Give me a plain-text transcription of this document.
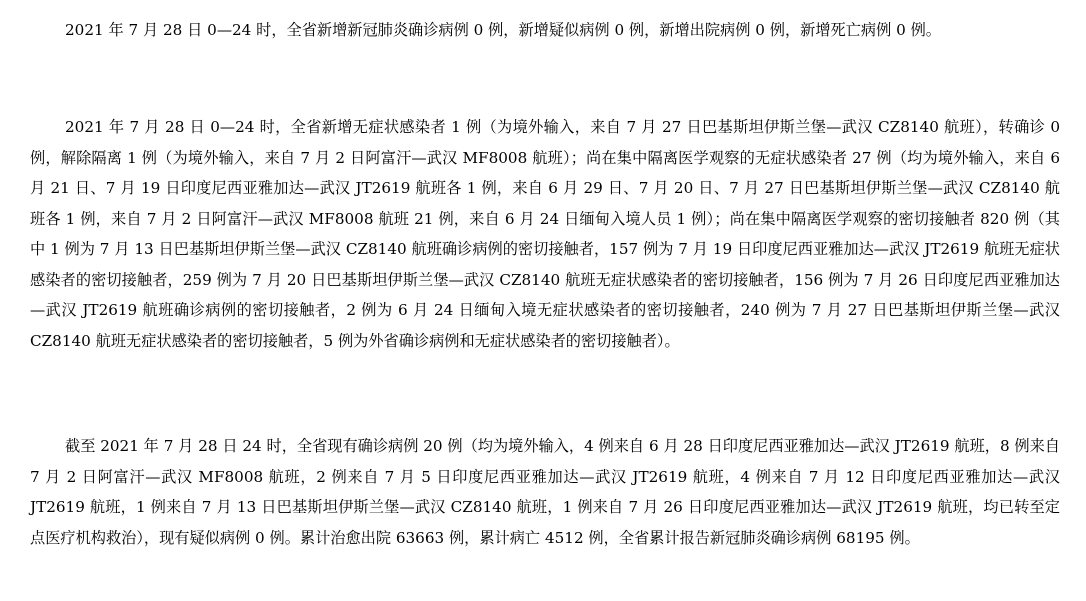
2021 年 7 月 28 日 0—24 时，全省新增新冠肺炎确诊病例 0 例，新增疑似病例 0 例，新增出院病例 0 例，新增死亡病例 0 例。

2021 年 7 月 28 日 0—24 时，全省新增无症状感染者 1 例（为境外输入，来自 7 月 27 日巴基斯坦伊斯兰堡—武汉 CZ8140 航班），转确诊 0 例，解除隔离 1 例（为境外输入，来自 7 月 2 日阿富汗—武汉 MF8008 航班）；尚在集中隔离医学观察的无症状感染者 27 例（均为境外输入，来自 6 月 21 日、7 月 19 日印度尼西亚雅加达—武汉 JT2619 航班各 1 例，来自 6 月 29 日、7 月 20 日、7 月 27 日巴基斯坦伊斯兰堡—武汉 CZ8140 航班各 1 例，来自 7 月 2 日阿富汗—武汉 MF8008 航班 21 例，来自 6 月 24 日缅甸入境人员 1 例）；尚在集中隔离医学观察的密切接触者 820 例（其中 1 例为 7 月 13 日巴基斯坦伊斯兰堡—武汉 CZ8140 航班确诊病例的密切接触者，157 例为 7 月 19 日印度尼西亚雅加达—武汉 JT2619 航班无症状感染者的密切接触者，259 例为 7 月 20 日巴基斯坦伊斯兰堡—武汉 CZ8140 航班无症状感染者的密切接触者，156 例为 7 月 26 日印度尼西亚雅加达—武汉 JT2619 航班确诊病例的密切接触者，2 例为 6 月 24 日缅甸入境无症状感染者的密切接触者，240 例为 7 月 27 日巴基斯坦伊斯兰堡—武汉 CZ8140 航班无症状感染者的密切接触者，5 例为外省确诊病例和无症状感染者的密切接触者）。

截至 2021 年 7 月 28 日 24 时，全省现有确诊病例 20 例（均为境外输入，4 例来自 6 月 28 日印度尼西亚雅加达—武汉 JT2619 航班，8 例来自 7 月 2 日阿富汗—武汉 MF8008 航班，2 例来自 7 月 5 日印度尼西亚雅加达—武汉 JT2619 航班，4 例来自 7 月 12 日印度尼西亚雅加达—武汉 JT2619 航班，1 例来自 7 月 13 日巴基斯坦伊斯兰堡—武汉 CZ8140 航班，1 例来自 7 月 26 日印度尼西亚雅加达—武汉 JT2619 航班，均已转至定点医疗机构救治），现有疑似病例 0 例。累计治愈出院 63663 例，累计病亡 4512 例，全省累计报告新冠肺炎确诊病例 68195 例。
